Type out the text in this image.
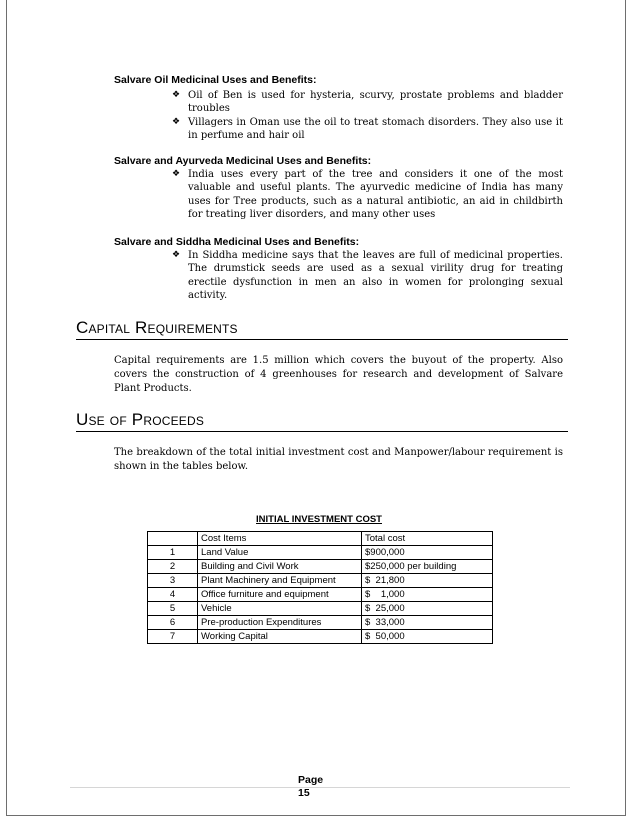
Salvare Oil Medicinal Uses and Benefits:
❖ Oil of Ben is used for hysteria, scurvy, prostate problems and bladder troubles
❖ Villagers in Oman use the oil to treat stomach disorders. They also use it in perfume and hair oil
Salvare and Ayurveda Medicinal Uses and Benefits:
❖ India uses every part of the tree and considers it one of the most valuable and useful plants. The ayurvedic medicine of India has many uses for Tree products, such as a natural antibiotic, an aid in childbirth for treating liver disorders, and many other uses
Salvare and Siddha Medicinal Uses and Benefits:
❖ In Siddha medicine says that the leaves are full of medicinal properties. The drumstick seeds are used as a sexual virility drug for treating erectile dysfunction in men an also in women for prolonging sexual activity.
Capital Requirements

Capital requirements are 1.5 million which covers the buyout of the property. Also covers the construction of 4 greenhouses for research and development of Salvare Plant Products.

Use of Proceeds

The breakdown of the total initial investment cost and Manpower/labour requirement is shown in the tables below.

INITIAL INVESTMENT COST
	Cost Items	Total cost
1	Land Value	$900,000
2	Building and Civil Work	$250,000 per building
3	Plant Machinery and Equipment	$  21,800
4	Office furniture and equipment	$    1,000
5	Vehicle	$  25,000
6	Pre-production Expenditures	$  33,000
7	Working Capital	$  50,000
Page
15
